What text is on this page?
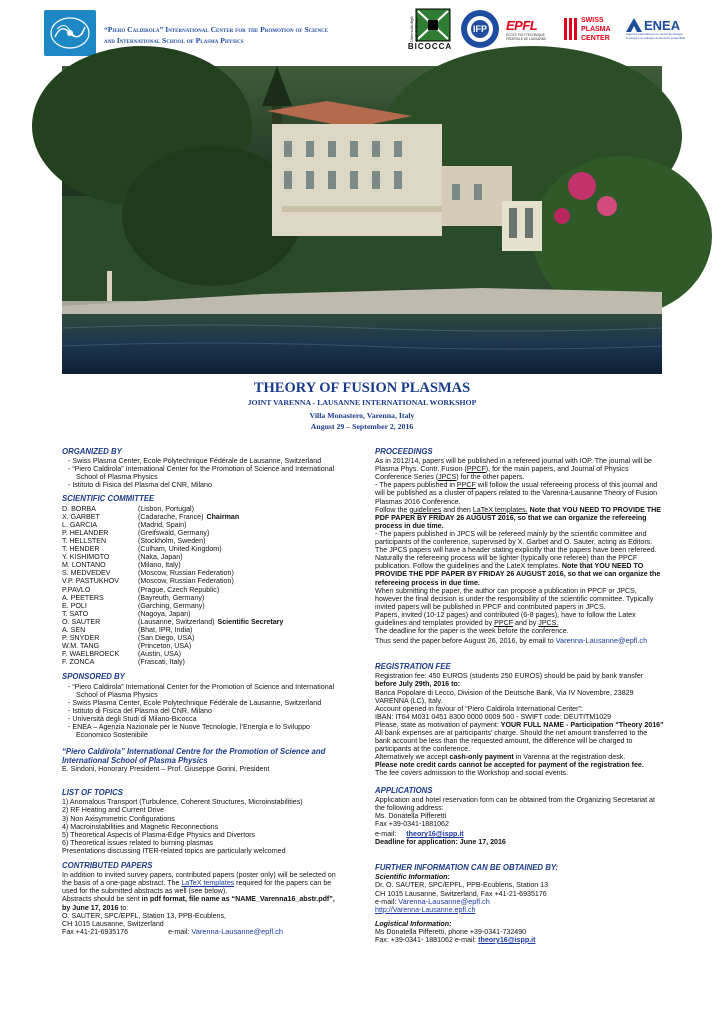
“Piero Caldirola” International Center for the Promotion of Science
and International School of Plasma Physics	Università degli studi di Milano
BICOCCA
IFP EPFL
ÉCOLE POLYTECHNIQUE FÉDÉRALE DE LAUSANNE
SWISS PLASMA
CENTER
ENEA
Agenzia nazionale per le nuove tecnologie, l'energia e lo sviluppo economico sostenibile
THEORY OF FUSION PLASMAS
JOINT VARENNA - LAUSANNE INTERNATIONAL WORKSHOP
Villa Monastero, Varenna, Italy
August 29 – September 2, 2016
ORGANIZED BY
- Swiss Plasma Center, Ecole Polytechnique Fédérale de Lausanne, Switzerland
- “Piero Caldirola” International Center for the Promotion of Science and International School of Plasma Physics
- Istituto di Fisica del Plasma del CNR, Milano
SCIENTIFIC COMMITTEE
D. BORBA	(Lisbon, Portugal)
X. GARBET	(Cadarache, France) Chairman
L. GARCIA	(Madrid, Spain)
P. HELANDER	(Greifswald, Germany)
T. HELLSTEN	(Stockholm, Sweden)
T. HENDER	(Culham, United Kingdom)
Y. KISHIMOTO	(Naka, Japan)
M. LONTANO	(Milano, Italy)
S. MEDVEDEV	(Moscow, Russian Federation)
V.P. PASTUKHOV	(Moscow, Russian Federation)
P.PAVLO	(Prague, Czech Republic)
A. PEETERS	(Bayreuth, Germany)
E. POLI	(Garching, Germany)
T. SATO	(Nagoya, Japan)
O. SAUTER	(Lausanne, Switzerland) Scientific Secretary
A. SEN	(Bhat, IPR, India)
P. SNYDER	(San Diego, USA)
W.M. TANG	(Princeton, USA)
F. WAELBROECK	(Austin, USA)
F. ZONCA	(Frascati, Italy)
SPONSORED BY
- “Piero Caldirola” International Center for the Promotion of Science and International School of Plasma Physics
- Swiss Plasma Center, Ecole Polytechnique Fédérale de Lausanne, Switzerland
- Istituto di Fisica del Plasma del CNR, Milano
- Università degli Studi di Milano-Bicocca
- ENEA – Agenzia Nazionale per le Nuove Tecnologie, l’Energia e lo Sviluppo Economico Sostenibile
“Piero Caldirola” International Centre for the Promotion of Science and International School of Plasma Physics
E. Sindoni, Honorary President – Prof. Giuseppe Gorini, President
LIST OF TOPICS
1) Anomalous Transport (Turbulence, Coherent Structures, Microinstabilities)
2) RF Heating and Current Drive
3) Non Axisymmetric Configurations
4) Macroinstabilities and Magnetic Reconnections
5) Theoretical Aspects of Plasma-Edge Physics and Divertors
6) Theoretical issues related to burning plasmas
Presentations discussing ITER-related topics are particularly welcomed
CONTRIBUTED PAPERS
In addition to invited survey papers, contributed papers (poster only) will be selected on the basis of a one-page abstract. The LaTeX templates required for the papers can be used for the submitted abstracts as well (see below).
Abstracts should be sent in pdf format, file name as “NAME_Varenna16_abstr.pdf”, by June 17, 2016 to:
O. SAUTER, SPC/EPFL, Station 13, PPB-Ecublens,
CH 1015 Lausanne, Switzerland
Fax +41-21-6935176	e-mail: Varenna-Lausanne@epfl.ch
PROCEEDINGS
As in 2012/14, papers will be published in a refereed journal with IOP. The journal will be Plasma Phys. Contr. Fusion (PPCF), for the main papers, and Journal of Physics Conference Series (JPCS) for the other papers.
- The papers published in PPCF will follow the usual refereeing process of this journal and will be published as a cluster of papers related to the Varenna-Lausanne Theory of Fusion Plasmas 2016 Conference.
Follow the guidelines and then LaTeX templates. Note that YOU NEED TO PROVIDE THE PDF PAPER BY FRIDAY 26 AUGUST 2016, so that we can organize the refereeing process in due time.
- The papers published in JPCS will be refereed mainly by the scientific committee and participants of the conference, supervised by X. Garbet and O. Sauter, acting as Editors. The JPCS papers will have a header stating explicitly that the papers have been refereed. Naturally the refereeing process will be lighter (typically one referee) than the PPCF publication. Follow the guidelines and the LateX templates. Note that YOU NEED TO PROVIDE THE PDF PAPER BY FRIDAY 26 AUGUST 2016, so that we can organize the refereeing process in due time.
When submitting the paper, the author can propose a publication in PPCF or JPCS, however the final decision is under the responsibility of the scientific committee. Typically invited papers will be published in PPCF and contributed papers in JPCS.
Papers, invited (10-12 pages) and contributed (6-8 pages), have to follow the Latex guidelines and templates provided by PPCF and by JPCS.
The deadline for the paper is the week before the conference.
Thus send the paper before August 26, 2016, by email to Varenna-Lausanne@epfl.ch
REGISTRATION FEE
Registration fee: 450 EUROS (students 250 EUROS) should be paid by bank transfer before July 29th, 2016 to:
Banca Popolare di Lecco, Division of the Deutsche Bank, Via IV Novembre, 23829 VARENNA (LC), Italy.
Account opened in favour of “Piero Caldirola International Center”:
IBAN: IT64 M031 0451 8300 0000 0009 500 - SWIFT code: DEUTITM1029
Please, state as motivation of payment: YOUR FULL NAME - Participation "Theory 2016"
All bank expenses are at participants’ charge. Should the net amount transferred to the bank account be less than the requested amount, the difference will be charged to participants at the conference.
Alternatively we accept cash-only payment in Varenna at the registration desk.
Please note credit cards cannot be accepted for payment of the registration fee.
The fee covers admission to the Workshop and social events.
APPLICATIONS
Application and hotel reservation form can be obtained from the Organizing Secretariat at the following address:
Ms. Donatella Pifferetti
Fax +39-0341-1881062
e-mail: theory16@ispp.it
Deadline for application: June 17, 2016
FURTHER INFORMATION CAN BE OBTAINED BY:
Scientific Information:
Dr. O. SAUTER, SPC/EPFL, PPB-Ecublens, Station 13
CH 1015 Lausanne, Switzerland, Fax +41-21-6935176
e-mail: Varenna-Lausanne@epfl.ch
http://Varenna-Lausanne.epfl.ch
Logistical Information:
Ms Donatella Pifferetti, phone +39-0341-732490
Fax: +39-0341- 1881062 e-mail: theory16@ispp.it
